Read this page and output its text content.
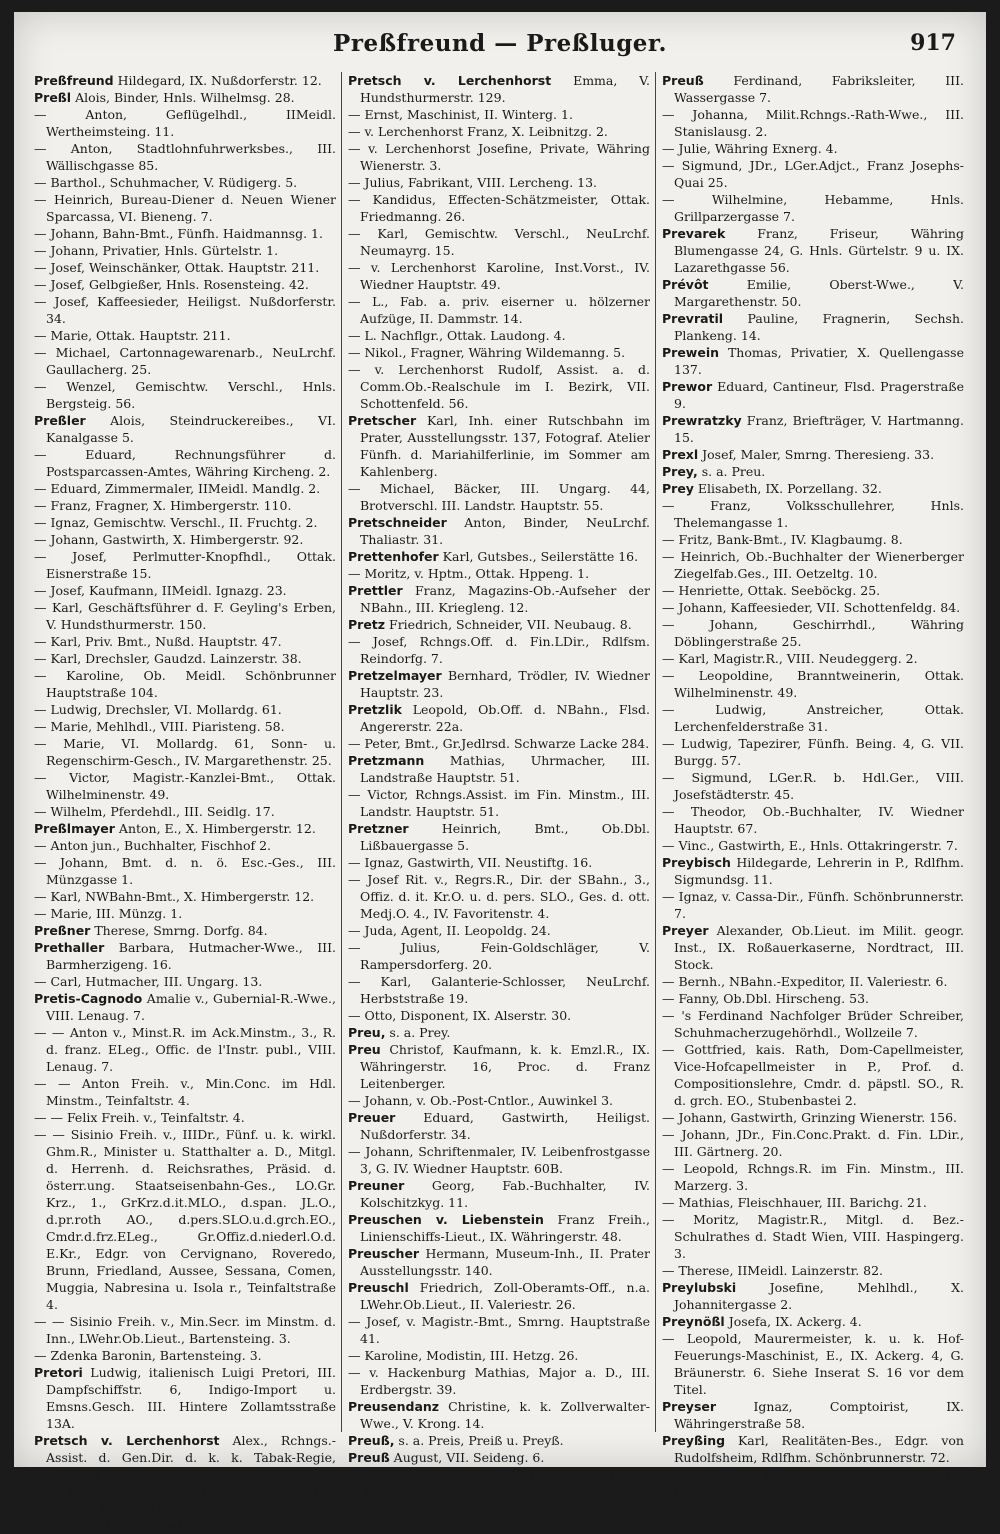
Preßfreund — Preßluger.	917

Preßfreund Hildegard, IX. Nußdorferstr. 12.

Preßl Alois, Binder, Hnls. Wilhelmsg. 28.

— Anton, Geflügelhdl., IIMeidl. Wertheimsteing. 11.

— Anton, Stadtlohnfuhrwerksbes., III. Wällischgasse 85.

— Barthol., Schuhmacher, V. Rüdigerg. 5.

— Heinrich, Bureau-Diener d. Neuen Wiener Sparcassa, VI. Bieneng. 7.

— Johann, Bahn-Bmt., Fünfh. Haidmannsg. 1.

— Johann, Privatier, Hnls. Gürtelstr. 1.

— Josef, Weinschänker, Ottak. Hauptstr. 211.

— Josef, Gelbgießer, Hnls. Rosensteing. 42.

— Josef, Kaffeesieder, Heiligst. Nußdorferstr. 34.

— Marie, Ottak. Hauptstr. 211.

— Michael, Cartonnagewarenarb., NeuLrchf. Gaullacherg. 25.

— Wenzel, Gemischtw. Verschl., Hnls. Bergsteig. 56.

Preßler Alois, Steindruckereibes., VI. Kanalgasse 5.

— Eduard, Rechnungsführer d. Postsparcassen-Amtes, Währing Kircheng. 2.

— Eduard, Zimmermaler, IIMeidl. Mandlg. 2.

— Franz, Fragner, X. Himbergerstr. 110.

— Ignaz, Gemischtw. Verschl., II. Fruchtg. 2.

— Johann, Gastwirth, X. Himbergerstr. 92.

— Josef, Perlmutter-Knopfhdl., Ottak. Eisnerstraße 15.

— Josef, Kaufmann, IIMeidl. Ignazg. 23.

— Karl, Geschäftsführer d. F. Geyling's Erben, V. Hundsthurmerstr. 150.

— Karl, Priv. Bmt., Nußd. Hauptstr. 47.

— Karl, Drechsler, Gaudzd. Lainzerstr. 38.

— Karoline, Ob. Meidl. Schönbrunner Hauptstraße 104.

— Ludwig, Drechsler, VI. Mollardg. 61.

— Marie, Mehlhdl., VIII. Piaristeng. 58.

— Marie, VI. Mollardg. 61, Sonn- u. Regenschirm-Gesch., IV. Margarethenstr. 25.

— Victor, Magistr.-Kanzlei-Bmt., Ottak. Wilhelminenstr. 49.

— Wilhelm, Pferdehdl., III. Seidlg. 17.

Preßlmayer Anton, E., X. Himbergerstr. 12.

— Anton jun., Buchhalter, Fischhof 2.

— Johann, Bmt. d. n. ö. Esc.-Ges., III. Münzgasse 1.

— Karl, NWBahn-Bmt., X. Himbergerstr. 12.

— Marie, III. Münzg. 1.

Preßner Therese, Smrng. Dorfg. 84.

Prethaller Barbara, Hutmacher-Wwe., III. Barmherzigeng. 16.

— Carl, Hutmacher, III. Ungarg. 13.

Pretis-Cagnodo Amalie v., Gubernial-R.-Wwe., VIII. Lenaug. 7.

— — Anton v., Minst.R. im Ack.Minstm., 3., R. d. franz. ELeg., Offic. de l'Instr. publ., VIII. Lenaug. 7.

— — Anton Freih. v., Min.Conc. im Hdl. Minstm., Teinfaltstr. 4.

— — Felix Freih. v., Teinfaltstr. 4.

— — Sisinio Freih. v., IIIDr., Fünf. u. k. wirkl. Ghm.R., Minister u. Statthalter a. D., Mitgl. d. Herrenh. d. Reichsrathes, Präsid. d. österr.ung. Staatseisenbahn-Ges., LO.Gr. Krz., 1., GrKrz.d.it.MLO., d.span. JL.O., d.pr.roth AO., d.pers.SLO.u.d.grch.EO., Cmdr.d.frz.ELeg., Gr.Offiz.d.niederl.O.d. E.Kr., Edgr. von Cervignano, Roveredo, Brunn, Friedland, Aussee, Sessana, Comen, Muggia, Nabresina u. Isola r., Teinfaltstraße 4.

— — Sisinio Freih. v., Min.Secr. im Minstm. d. Inn., LWehr.Ob.Lieut., Bartensteing. 3.

— Zdenka Baronin, Bartensteing. 3.

Pretori Ludwig, italienisch Luigi Pretori, III. Dampfschiffstr. 6, Indigo-Import u. Emsns.Gesch. III. Hintere Zollamtsstraße 13A.

Pretsch v. Lerchenhorst Alex., Rchngs.-Assist. d. Gen.Dir. d. k. k. Tabak-Regie, Währing Wienerstr. 3.

— v. Lerchenhorst Alois, Branntweinschänker, IIMeidl. Pfarrg. 18.

— Eduard, Lehrer, Flsd. Hauptstr. 37.

Pretsch v. Lerchenhorst Emma, V. Hundsthurmerstr. 129.

— Ernst, Maschinist, II. Winterg. 1.

— v. Lerchenhorst Franz, X. Leibnitzg. 2.

— v. Lerchenhorst Josefine, Private, Währing Wienerstr. 3.

— Julius, Fabrikant, VIII. Lercheng. 13.

— Kandidus, Effecten-Schätzmeister, Ottak. Friedmanng. 26.

— Karl, Gemischtw. Verschl., NeuLrchf. Neumayrg. 15.

— v. Lerchenhorst Karoline, Inst.Vorst., IV. Wiedner Hauptstr. 49.

— L., Fab. a. priv. eiserner u. hölzerner Aufzüge, II. Dammstr. 14.

— L. Nachflgr., Ottak. Laudong. 4.

— Nikol., Fragner, Währing Wildemanng. 5.

— v. Lerchenhorst Rudolf, Assist. a. d. Comm.Ob.-Realschule im I. Bezirk, VII. Schottenfeld. 56.

Pretscher Karl, Inh. einer Rutschbahn im Prater, Ausstellungsstr. 137, Fotograf. Atelier Fünfh. d. Mariahilferlinie, im Sommer am Kahlenberg.

— Michael, Bäcker, III. Ungarg. 44, Brotverschl. III. Landstr. Hauptstr. 55.

Pretschneider Anton, Binder, NeuLrchf. Thaliastr. 31.

Prettenhofer Karl, Gutsbes., Seilerstätte 16.

— Moritz, v. Hptm., Ottak. Hppeng. 1.

Prettler Franz, Magazins-Ob.-Aufseher der NBahn., III. Kriegleng. 12.

Pretz Friedrich, Schneider, VII. Neubaug. 8.

— Josef, Rchngs.Off. d. Fin.LDir., Rdlfsm. Reindorfg. 7.

Pretzelmayer Bernhard, Trödler, IV. Wiedner Hauptstr. 23.

Pretzlik Leopold, Ob.Off. d. NBahn., Flsd. Angererstr. 22a.

— Peter, Bmt., Gr.Jedlrsd. Schwarze Lacke 284.

Pretzmann Mathias, Uhrmacher, III. Landstraße Hauptstr. 51.

— Victor, Rchngs.Assist. im Fin. Minstm., III. Landstr. Hauptstr. 51.

Pretzner Heinrich, Bmt., Ob.Dbl. Lißbauergasse 5.

— Ignaz, Gastwirth, VII. Neustiftg. 16.

— Josef Rit. v., Regrs.R., Dir. der SBahn., 3., Offiz. d. it. Kr.O. u. d. pers. SLO., Ges. d. ott. Medj.O. 4., IV. Favoritenstr. 4.

— Juda, Agent, II. Leopoldg. 24.

— Julius, Fein-Goldschläger, V. Rampersdorferg. 20.

— Karl, Galanterie-Schlosser, NeuLrchf. Herbststraße 19.

— Otto, Disponent, IX. Alserstr. 30.

Preu, s. a. Prey.

Preu Christof, Kaufmann, k. k. Emzl.R., IX. Währingerstr. 16, Proc. d. Franz Leitenberger.

— Johann, v. Ob.-Post-Cntlor., Auwinkel 3.

Preuer Eduard, Gastwirth, Heiligst. Nußdorferstr. 34.

— Johann, Schriftenmaler, IV. Leibenfrostgasse 3, G. IV. Wiedner Hauptstr. 60B.

Preuner Georg, Fab.-Buchhalter, IV. Kolschitzkyg. 11.

Preuschen v. Liebenstein Franz Freih., Linienschiffs-Lieut., IX. Währingerstr. 48.

Preuscher Hermann, Museum-Inh., II. Prater Ausstellungsstr. 140.

Preuschl Friedrich, Zoll-Oberamts-Off., n.a. LWehr.Ob.Lieut., II. Valeriestr. 26.

— Josef, v. Magistr.-Bmt., Smrng. Hauptstraße 41.

— Karoline, Modistin, III. Hetzg. 26.

— v. Hackenburg Mathias, Major a. D., III. Erdbergstr. 39.

Preusendanz Christine, k. k. Zollverwalter-Wwe., V. Krong. 14.

Preuß, s. a. Preis, Preiß u. Preyß.

Preuß August, VII. Seideng. 6.

— Coloman, Comptoirist, II. Hermineng. 16.

— Eduard, Clavierlehrer, Franz Josefs-Quai 25.

Preuß Ferdinand, Fabriksleiter, III. Wassergasse 7.

— Johanna, Milit.Rchngs.-Rath-Wwe., III. Stanislausg. 2.

— Julie, Währing Exnerg. 4.

— Sigmund, JDr., LGer.Adjct., Franz Josephs-Quai 25.

— Wilhelmine, Hebamme, Hnls. Grillparzergasse 7.

Prevarek Franz, Friseur, Währing Blumengasse 24, G. Hnls. Gürtelstr. 9 u. IX. Lazarethgasse 56.

Prévôt Emilie, Oberst-Wwe., V. Margarethenstr. 50.

Prevratil Pauline, Fragnerin, Sechsh. Plankeng. 14.

Prewein Thomas, Privatier, X. Quellengasse 137.

Prewor Eduard, Cantineur, Flsd. Pragerstraße 9.

Prewratzky Franz, Briefträger, V. Hartmanng. 15.

Prexl Josef, Maler, Smrng. Theresieng. 33.

Prey, s. a. Preu.

Prey Elisabeth, IX. Porzellang. 32.

— Franz, Volksschullehrer, Hnls. Thelemangasse 1.

— Fritz, Bank-Bmt., IV. Klagbaumg. 8.

— Heinrich, Ob.-Buchhalter der Wienerberger Ziegelfab.Ges., III. Oetzeltg. 10.

— Henriette, Ottak. Seeböckg. 25.

— Johann, Kaffeesieder, VII. Schottenfeldg. 84.

— Johann, Geschirrhdl., Währing Döblingerstraße 25.

— Karl, Magistr.R., VIII. Neudeggerg. 2.

— Leopoldine, Branntweinerin, Ottak. Wilhelminenstr. 49.

— Ludwig, Anstreicher, Ottak. Lerchenfelderstraße 31.

— Ludwig, Tapezirer, Fünfh. Being. 4, G. VII. Burgg. 57.

— Sigmund, LGer.R. b. Hdl.Ger., VIII. Josefstädterstr. 45.

— Theodor, Ob.-Buchhalter, IV. Wiedner Hauptstr. 67.

— Vinc., Gastwirth, E., Hnls. Ottakringerstr. 7.

Preybisch Hildegarde, Lehrerin in P., Rdlfhm. Sigmundsg. 11.

— Ignaz, v. Cassa-Dir., Fünfh. Schönbrunnerstr. 7.

Preyer Alexander, Ob.Lieut. im Milit. geogr. Inst., IX. Roßauerkaserne, Nordtract, III. Stock.

— Bernh., NBahn.-Expeditor, II. Valeriestr. 6.

— Fanny, Ob.Dbl. Hirscheng. 53.

— 's Ferdinand Nachfolger Brüder Schreiber, Schuhmacherzugehörhdl., Wollzeile 7.

— Gottfried, kais. Rath, Dom-Capellmeister, Vice-Hofcapellmeister in P., Prof. d. Compositionslehre, Cmdr. d. päpstl. SO., R. d. grch. EO., Stubenbastei 2.

— Johann, Gastwirth, Grinzing Wienerstr. 156.

— Johann, JDr., Fin.Conc.Prakt. d. Fin. LDir., III. Gärtnerg. 20.

— Leopold, Rchngs.R. im Fin. Minstm., III. Marzerg. 3.

— Mathias, Fleischhauer, III. Barichg. 21.

— Moritz, Magistr.R., Mitgl. d. Bez.-Schulrathes d. Stadt Wien, VIII. Haspingerg. 3.

— Therese, IIMeidl. Lainzerstr. 82.

Preylubski Josefine, Mehlhdl., X. Johannitergasse 2.

Preynößl Josefa, IX. Ackerg. 4.

— Leopold, Maurermeister, k. u. k. Hof-Feuerungs-Maschinist, E., IX. Ackerg. 4, G. Bräunerstr. 6. Siehe Inserat S. 16 vor dem Titel.

Preyser Ignaz, Comptoirist, IX. Währingerstraße 58.

Preyßing Karl, Realitäten-Bes., Edgr. von Rudolfsheim, Rdlfhm. Schönbrunnerstr. 72.

Preyßinger Rina, Bez.-Arzt-Wwe., IX. Marianneng. 10.
